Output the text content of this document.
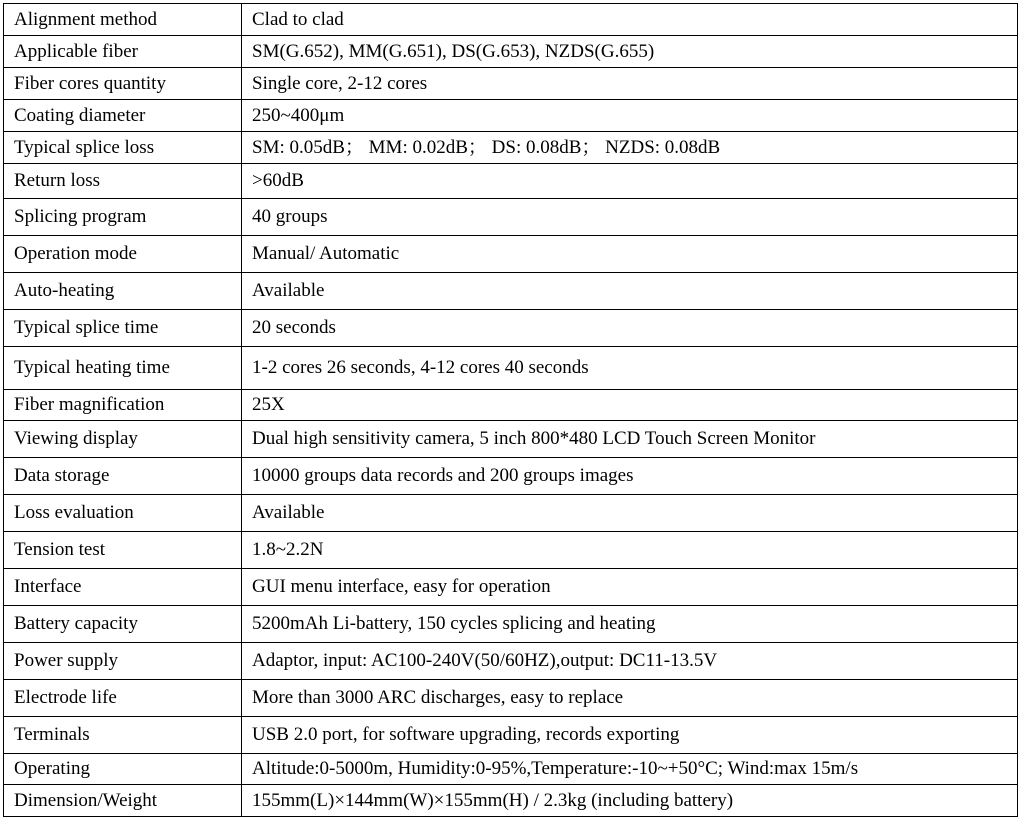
Alignment method	Clad to clad
Applicable fiber	SM(G.652), MM(G.651), DS(G.653), NZDS(G.655)
Fiber cores quantity	Single core, 2-12 cores
Coating diameter	250~400μm
Typical splice loss	SM: 0.05dB； MM: 0.02dB； DS: 0.08dB； NZDS: 0.08dB
Return loss	>60dB
Splicing program	40 groups
Operation mode	Manual/ Automatic
Auto-heating	Available
Typical splice time	20 seconds
Typical heating time	1-2 cores 26 seconds, 4-12 cores 40 seconds
Fiber magnification	25X
Viewing display	Dual high sensitivity camera, 5 inch 800*480 LCD Touch Screen Monitor
Data storage	10000 groups data records and 200 groups images
Loss evaluation	Available
Tension test	1.8~2.2N
Interface	GUI menu interface, easy for operation
Battery capacity	5200mAh Li-battery, 150 cycles splicing and heating
Power supply	Adaptor, input: AC100-240V(50/60HZ),output: DC11-13.5V
Electrode life	More than 3000 ARC discharges, easy to replace
Terminals	USB 2.0 port, for software upgrading, records exporting
Operating	Altitude:0-5000m, Humidity:0-95%,Temperature:-10~+50°C; Wind:max 15m/s
Dimension/Weight	155mm(L)×144mm(W)×155mm(H) / 2.3kg (including battery)
